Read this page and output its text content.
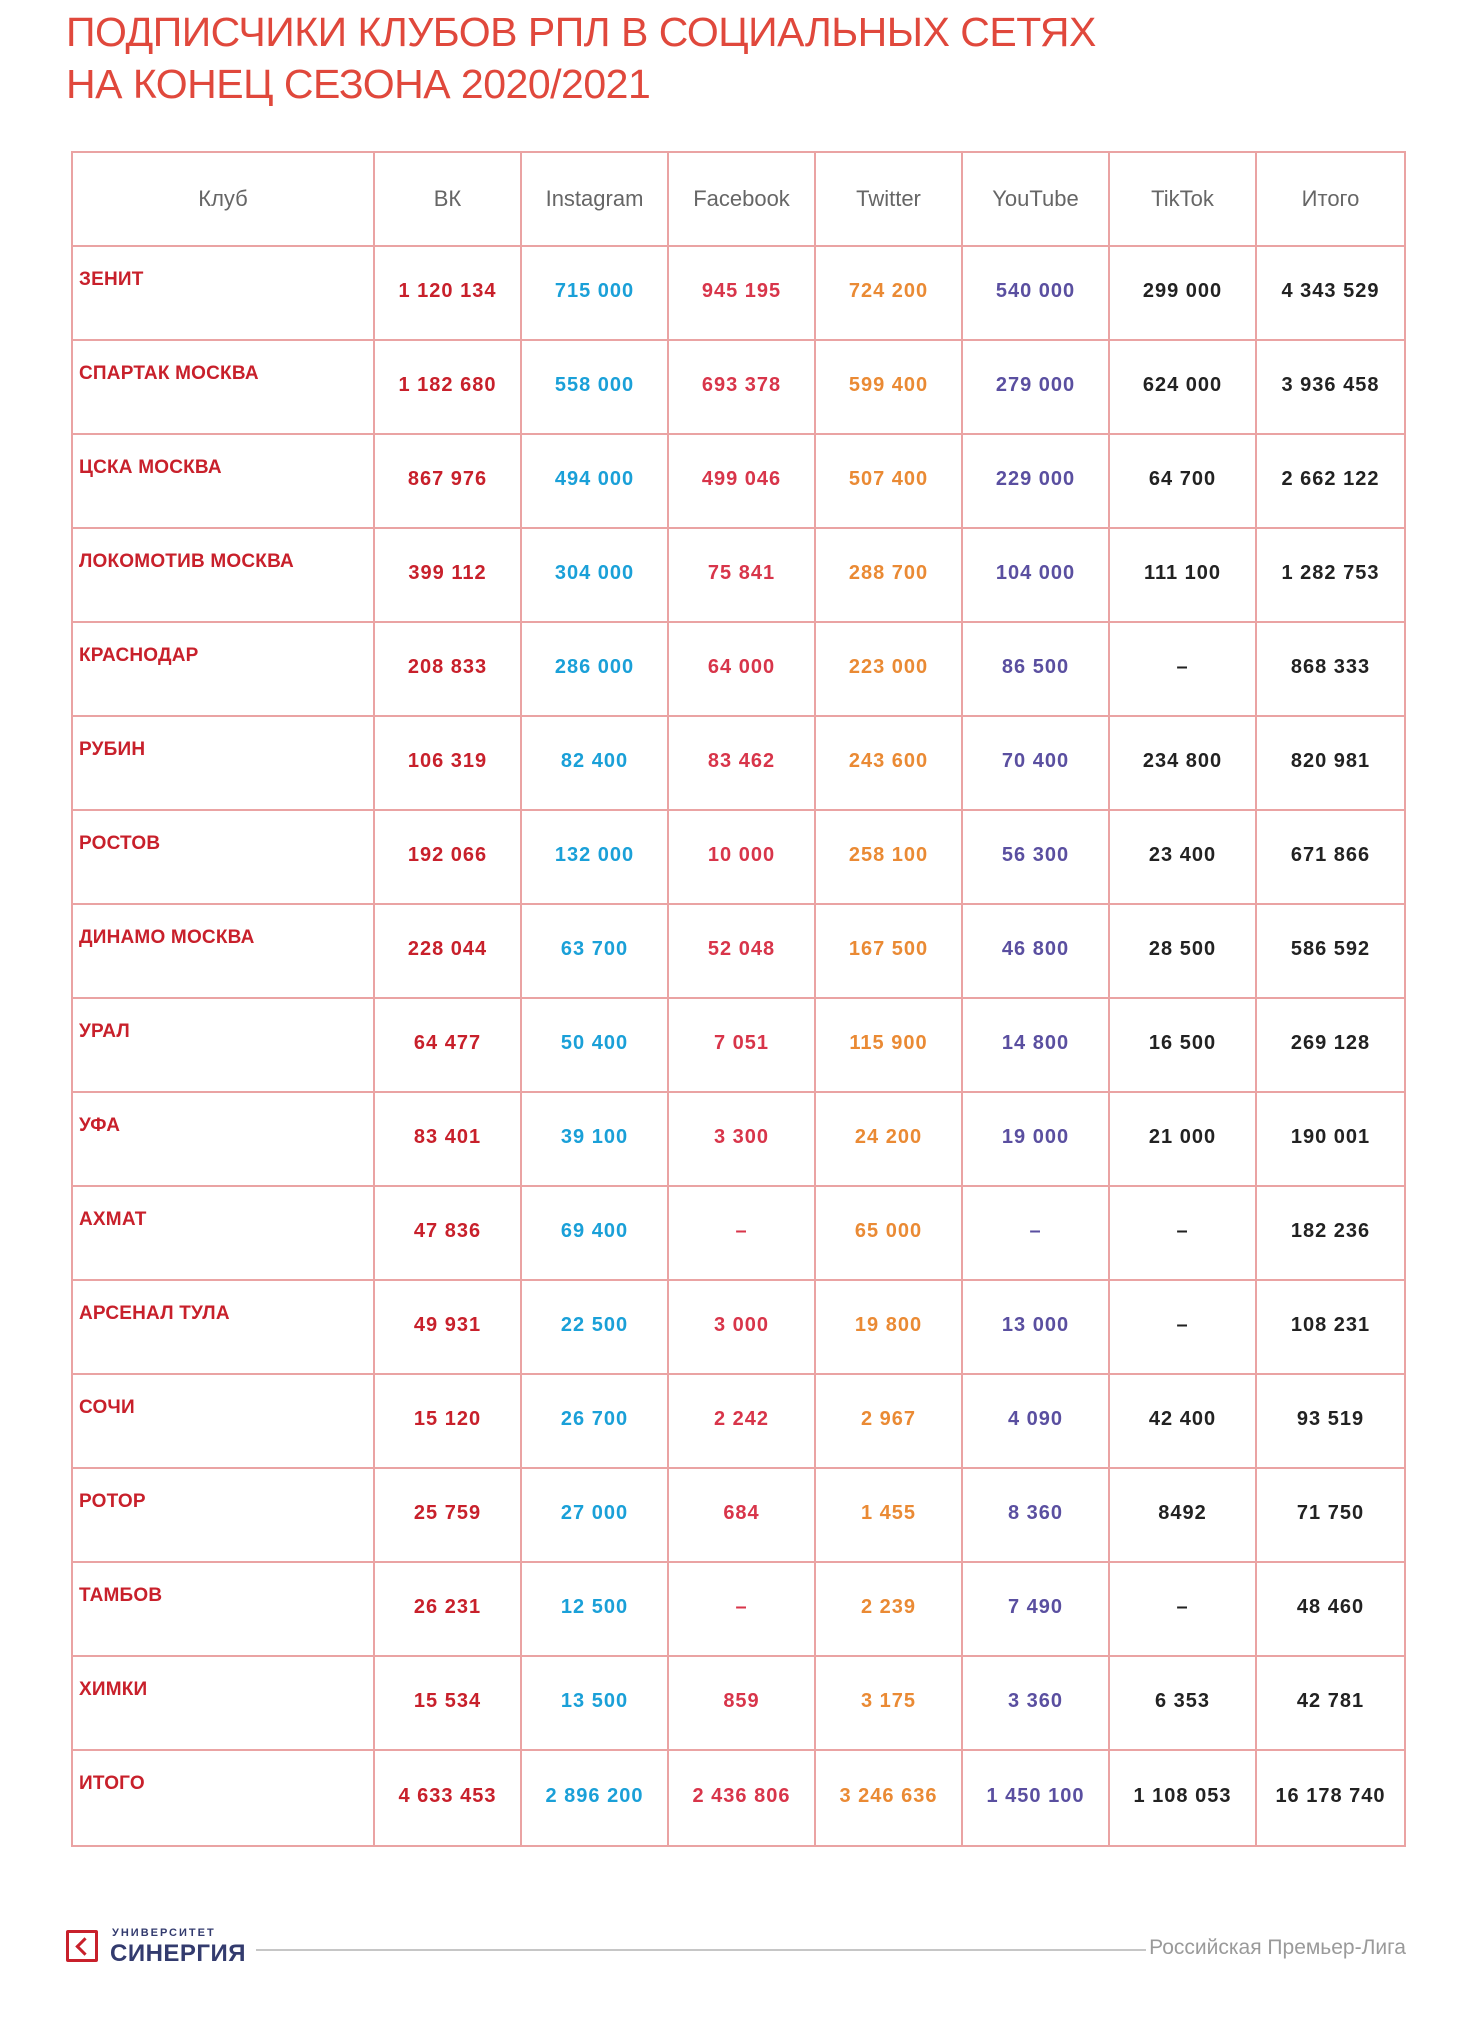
ПОДПИСЧИКИ КЛУБОВ РПЛ В СОЦИАЛЬНЫХ СЕТЯХ
НА КОНЕЦ СЕЗОНА 2020/2021
Клуб	ВК	Instagram	Facebook	Twitter	YouTube	TikTok	Итого
ЗЕНИТ	1 120 134	715 000	945 195	724 200	540 000	299 000	4 343 529
СПАРТАК МОСКВА	1 182 680	558 000	693 378	599 400	279 000	624 000	3 936 458
ЦСКА МОСКВА	867 976	494 000	499 046	507 400	229 000	64 700	2 662 122
ЛОКОМОТИВ МОСКВА	399 112	304 000	75 841	288 700	104 000	111 100	1 282 753
КРАСНОДАР	208 833	286 000	64 000	223 000	86 500	–	868 333
РУБИН	106 319	82 400	83 462	243 600	70 400	234 800	820 981
РОСТОВ	192 066	132 000	10 000	258 100	56 300	23 400	671 866
ДИНАМО МОСКВА	228 044	63 700	52 048	167 500	46 800	28 500	586 592
УРАЛ	64 477	50 400	7 051	115 900	14 800	16 500	269 128
УФА	83 401	39 100	3 300	24 200	19 000	21 000	190 001
АХМАТ	47 836	69 400	–	65 000	–	–	182 236
АРСЕНАЛ ТУЛА	49 931	22 500	3 000	19 800	13 000	–	108 231
СОЧИ	15 120	26 700	2 242	2 967	4 090	42 400	93 519
РОТОР	25 759	27 000	684	1 455	8 360	8492	71 750
ТАМБОВ	26 231	12 500	–	2 239	7 490	–	48 460
ХИМКИ	15 534	13 500	859	3 175	3 360	6 353	42 781
ИТОГО	4 633 453	2 896 200	2 436 806	3 246 636	1 450 100	1 108 053	16 178 740
УНИВЕРСИТЕТ
СИНЕРГИЯ	Российская Премьер-Лига
